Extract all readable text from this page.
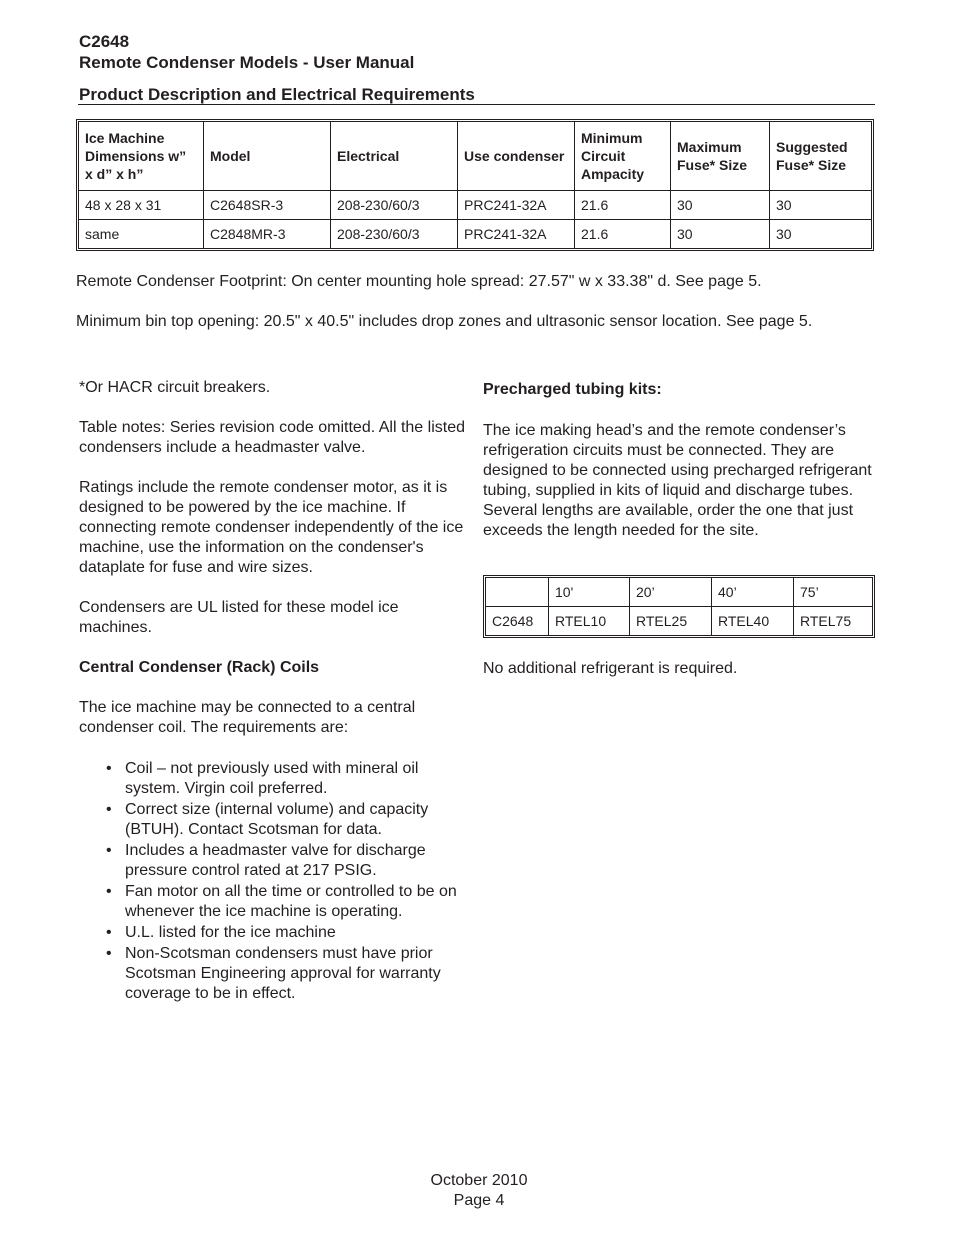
C2648
Remote Condenser Models - User Manual
Product Description and Electrical Requirements
Ice Machine Dimensions w” x d” x h”	Model	Electrical	Use condenser	Minimum Circuit Ampacity	Maximum Fuse* Size	Suggested Fuse* Size
48 x 28 x 31	C2648SR-3	208-230/60/3	PRC241-32A	21.6	30	30
same	C2848MR-3	208-230/60/3	PRC241-32A	21.6	30	30
Remote Condenser Footprint: On center mounting hole spread: 27.57" w x 33.38" d. See page 5.
Minimum bin top opening: 20.5" x 40.5" includes drop zones and ultrasonic sensor location. See page 5.
*Or HACR circuit breakers.
Table notes: Series revision code omitted. All the listed condensers include a headmaster valve.
Ratings include the remote condenser motor, as it is designed to be powered by the ice machine. If connecting remote condenser independently of the ice machine, use the information on the condenser's dataplate for fuse and wire sizes.
Condensers are UL listed for these model ice machines.
Central Condenser (Rack) Coils
The ice machine may be connected to a central condenser coil. The requirements are:
• Coil – not previously used with mineral oil system. Virgin coil preferred.
• Correct size (internal volume) and capacity (BTUH). Contact Scotsman for data.
• Includes a headmaster valve for discharge pressure control rated at 217 PSIG.
• Fan motor on all the time or controlled to be on whenever the ice machine is operating.
• U.L. listed for the ice machine
• Non-Scotsman condensers must have prior Scotsman Engineering approval for warranty coverage to be in effect.
Precharged tubing kits:
The ice making head’s and the remote condenser’s refrigeration circuits must be connected. They are designed to be connected using precharged refrigerant tubing, supplied in kits of liquid and discharge tubes. Several lengths are available, order the one that just exceeds the length needed for the site.
	10'	20’	40’	75’
C2648	RTEL10	RTEL25	RTEL40	RTEL75
No additional refrigerant is required.
October 2010
Page 4
